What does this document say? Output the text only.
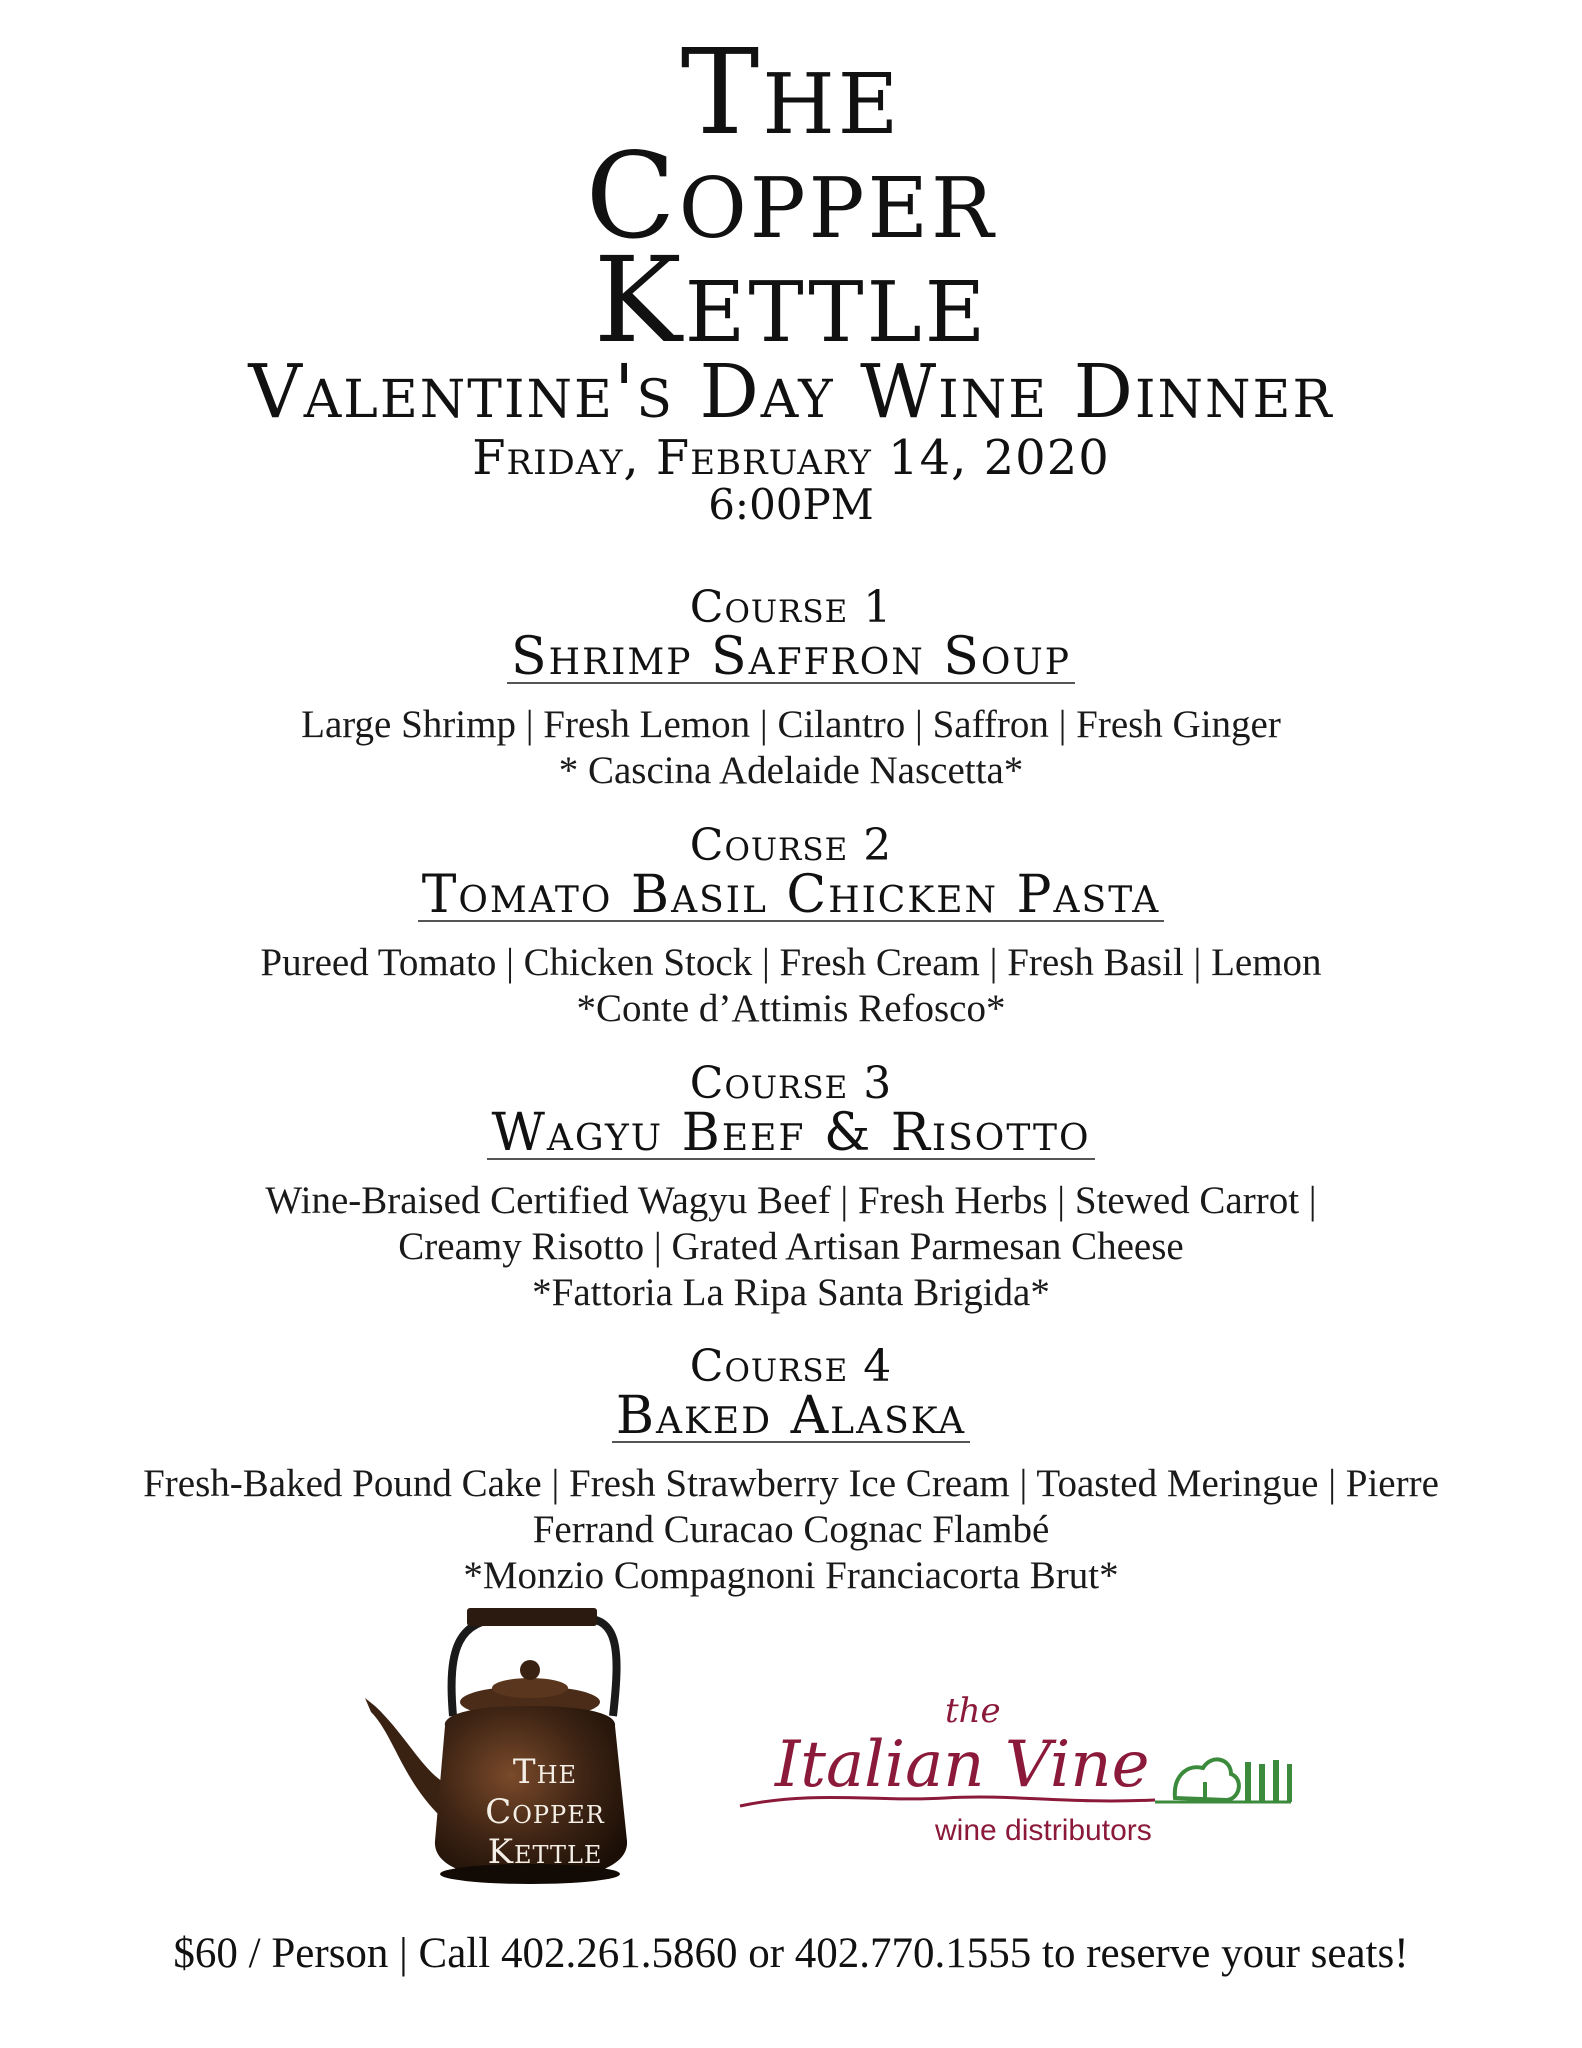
The
Copper
Kettle
Valentine's Day Wine Dinner
Friday, February 14, 2020
6:00PM
Course 1
Shrimp Saffron Soup
Large Shrimp | Fresh Lemon | Cilantro | Saffron | Fresh Ginger
* Cascina Adelaide Nascetta*
Course 2
Tomato Basil Chicken Pasta
Pureed Tomato | Chicken Stock | Fresh Cream | Fresh Basil | Lemon
*Conte d’Attimis Refosco*
Course 3
Wagyu Beef & Risotto
Wine-Braised Certified Wagyu Beef | Fresh Herbs | Stewed Carrot |
Creamy Risotto | Grated Artisan Parmesan Cheese
*Fattoria La Ripa Santa Brigida*
Course 4
Baked Alaska
Fresh-Baked Pound Cake | Fresh Strawberry Ice Cream | Toasted Meringue | Pierre
Ferrand Curacao Cognac Flambé
*Monzio Compagnoni Franciacorta Brut*
The
Copper
Kettle
the
Italian Vine
wine distributors
$60 / Person | Call 402.261.5860 or 402.770.1555 to reserve your seats!
